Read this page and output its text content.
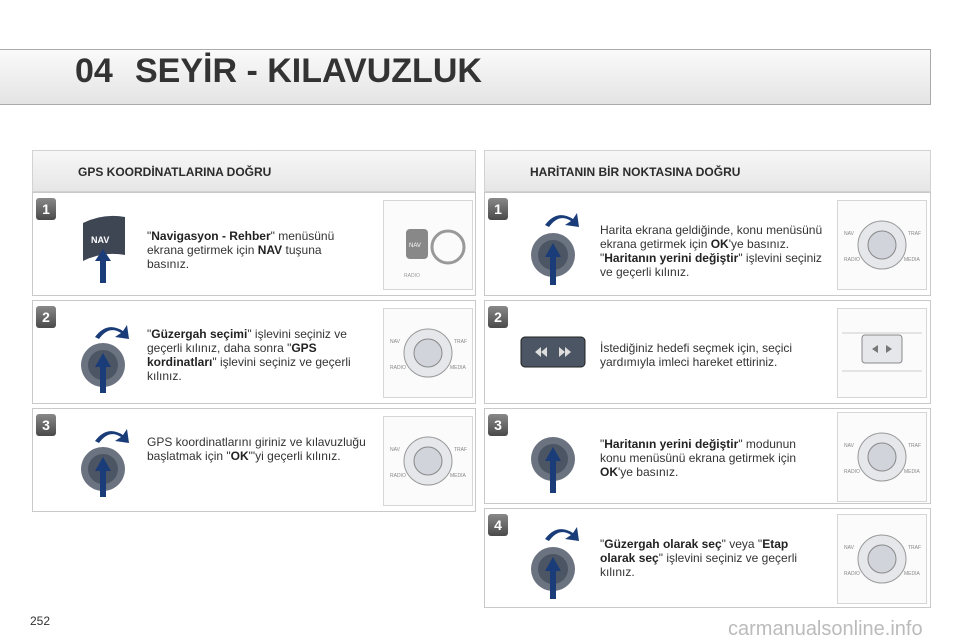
04 SEYİR - KILAVUZLUK
GPS KOORDİNATLARINA DOĞRU	HARİTANIN BİR NOKTASINA DOĞRU
1
NAV	"Navigasyon - Rehber" menüsünü ekrana getirmek için NAV tuşuna basınız.
NAV
RADIO
2
"Güzergah seçimi" işlevini seçiniz ve geçerli kılınız, daha sonra "GPS kordinatları" işlevini seçiniz ve geçerli kılınız.
NAV	TRAF
RADIO	MEDIA
3
GPS koordinatlarını giriniz ve kılavuzluğu başlatmak için "OK"'yi geçerli kılınız.	NAV	TRAF
RADIO	MEDIA
1
Harita ekrana geldiğinde, konu menüsünü ekrana getirmek için OK'ye basınız. "Haritanın yerini değiştir" işlevini seçiniz ve geçerli kılınız.
NAV	TRAF
RADIO	MEDIA
2
İstediğiniz hedefi seçmek için, seçici yardımıyla imleci hareket ettiriniz.
3
"Haritanın yerini değiştir" modunun konu menüsünü ekrana getirmek için OK'ye basınız.
NAV	TRAF
RADIO	MEDIA
4
"Güzergah olarak seç" veya "Etap olarak seç" işlevini seçiniz ve geçerli kılınız.
NAV	TRAF
RADIO	MEDIA
252	carmanualsonline.info
